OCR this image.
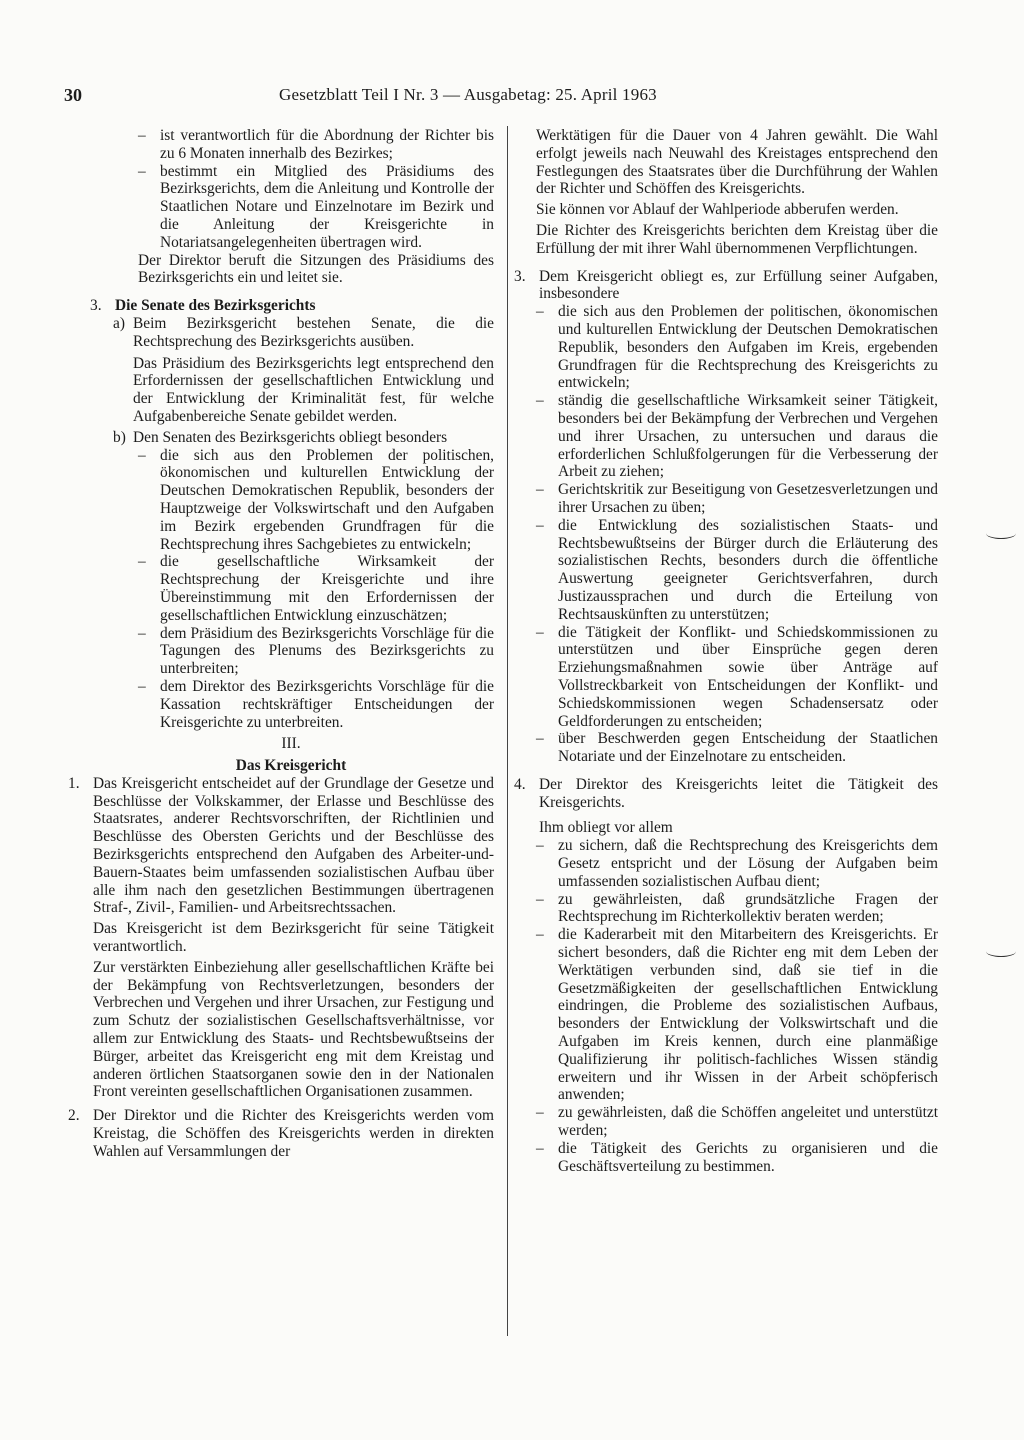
30	Gesetzblatt Teil I Nr. 3 — Ausgabetag: 25. April 1963
– ist verantwortlich für die Abordnung der Richter bis zu 6 Monaten innerhalb des Bezirkes;
– bestimmt ein Mitglied des Präsidiums des Bezirksgerichts, dem die Anleitung und Kontrolle der Staatlichen Notare und Einzelnotare im Bezirk und die Anleitung der Kreisgerichte in Notariatsangelegenheiten übertragen wird.
Der Direktor beruft die Sitzungen des Präsidiums des Bezirksgerichts ein und leitet sie.
3. Die Senate des Bezirksgerichts
a) Beim Bezirksgericht bestehen Senate, die die Rechtsprechung des Bezirksgerichts ausüben.
Das Präsidium des Bezirksgerichts legt entsprechend den Erfordernissen der gesellschaftlichen Entwicklung und der Entwicklung der Kriminalität fest, für welche Aufgabenbereiche Senate gebildet werden.
b) Den Senaten des Bezirksgerichts obliegt besonders
– die sich aus den Problemen der politischen, ökonomischen und kulturellen Entwicklung der Deutschen Demokratischen Republik, besonders der Hauptzweige der Volkswirtschaft und den Aufgaben im Bezirk ergebenden Grundfragen für die Rechtsprechung ihres Sachgebietes zu entwickeln;
– die gesellschaftliche Wirksamkeit der Rechtsprechung der Kreisgerichte und ihre Übereinstimmung mit den Erfordernissen der gesellschaftlichen Entwicklung einzuschätzen;
– dem Präsidium des Bezirksgerichts Vorschläge für die Tagungen des Plenums des Bezirksgerichts zu unterbreiten;
– dem Direktor des Bezirksgerichts Vorschläge für die Kassation rechtskräftiger Entscheidungen der Kreisgerichte zu unterbreiten.
III.
Das Kreisgericht
1. Das Kreisgericht entscheidet auf der Grundlage der Gesetze und Beschlüsse der Volkskammer, der Erlasse und Beschlüsse des Staatsrates, anderer Rechtsvorschriften, der Richtlinien und Beschlüsse des Obersten Gerichts und der Beschlüsse des Bezirksgerichts entsprechend den Aufgaben des Arbeiter-und-Bauern-Staates beim umfassenden sozialistischen Aufbau über alle ihm nach den gesetzlichen Bestimmungen übertragenen Straf-, Zivil-, Familien- und Arbeitsrechtssachen.
Das Kreisgericht ist dem Bezirksgericht für seine Tätigkeit verantwortlich.
Zur verstärkten Einbeziehung aller gesellschaftlichen Kräfte bei der Bekämpfung von Rechtsverletzungen, besonders der Verbrechen und Vergehen und ihrer Ursachen, zur Festigung und zum Schutz der sozialistischen Gesellschaftsverhältnisse, vor allem zur Entwicklung des Staats- und Rechtsbewußtseins der Bürger, arbeitet das Kreisgericht eng mit dem Kreistag und anderen örtlichen Staatsorganen sowie den in der Nationalen Front vereinten gesellschaftlichen Organisationen zusammen.
2. Der Direktor und die Richter des Kreisgerichts werden vom Kreistag, die Schöffen des Kreisgerichts werden in direkten Wahlen auf Versammlungen der
Werktätigen für die Dauer von 4 Jahren gewählt. Die Wahl erfolgt jeweils nach Neuwahl des Kreistages entsprechend den Festlegungen des Staatsrates über die Durchführung der Wahlen der Richter und Schöffen des Kreisgerichts.
Sie können vor Ablauf der Wahlperiode abberufen werden.
Die Richter des Kreisgerichts berichten dem Kreistag über die Erfüllung der mit ihrer Wahl übernommenen Verpflichtungen.
3. Dem Kreisgericht obliegt es, zur Erfüllung seiner Aufgaben, insbesondere
– die sich aus den Problemen der politischen, ökonomischen und kulturellen Entwicklung der Deutschen Demokratischen Republik, besonders den Aufgaben im Kreis, ergebenden Grundfragen für die Rechtsprechung des Kreisgerichts zu entwickeln;
– ständig die gesellschaftliche Wirksamkeit seiner Tätigkeit, besonders bei der Bekämpfung der Verbrechen und Vergehen und ihrer Ursachen, zu untersuchen und daraus die erforderlichen Schlußfolgerungen für die Verbesserung der Arbeit zu ziehen;
– Gerichtskritik zur Beseitigung von Gesetzesverletzungen und ihrer Ursachen zu üben;
– die Entwicklung des sozialistischen Staats- und Rechtsbewußtseins der Bürger durch die Erläuterung des sozialistischen Rechts, besonders durch die öffentliche Auswertung geeigneter Gerichtsverfahren, durch Justizaussprachen und durch die Erteilung von Rechtsauskünften zu unterstützen;
– die Tätigkeit der Konflikt- und Schiedskommissionen zu unterstützen und über Einsprüche gegen deren Erziehungsmaßnahmen sowie über Anträge auf Vollstreckbarkeit von Entscheidungen der Konflikt- und Schiedskommissionen wegen Schadensersatz oder Geldforderungen zu entscheiden;
– über Beschwerden gegen Entscheidung der Staatlichen Notariate und der Einzelnotare zu entscheiden.
4. Der Direktor des Kreisgerichts leitet die Tätigkeit des Kreisgerichts.
Ihm obliegt vor allem
– zu sichern, daß die Rechtsprechung des Kreisgerichts dem Gesetz entspricht und der Lösung der Aufgaben beim umfassenden sozialistischen Aufbau dient;
– zu gewährleisten, daß grundsätzliche Fragen der Rechtsprechung im Richterkollektiv beraten werden;
– die Kaderarbeit mit den Mitarbeitern des Kreisgerichts. Er sichert besonders, daß die Richter eng mit dem Leben der Werktätigen verbunden sind, daß sie tief in die Gesetzmäßigkeiten der gesellschaftlichen Entwicklung eindringen, die Probleme des sozialistischen Aufbaus, besonders der Entwicklung der Volkswirtschaft und die Aufgaben im Kreis kennen, durch eine planmäßige Qualifizierung ihr politisch-fachliches Wissen ständig erweitern und ihr Wissen in der Arbeit schöpferisch anwenden;
– zu gewährleisten, daß die Schöffen angeleitet und unterstützt werden;
– die Tätigkeit des Gerichts zu organisieren und die Geschäftsverteilung zu bestimmen.
